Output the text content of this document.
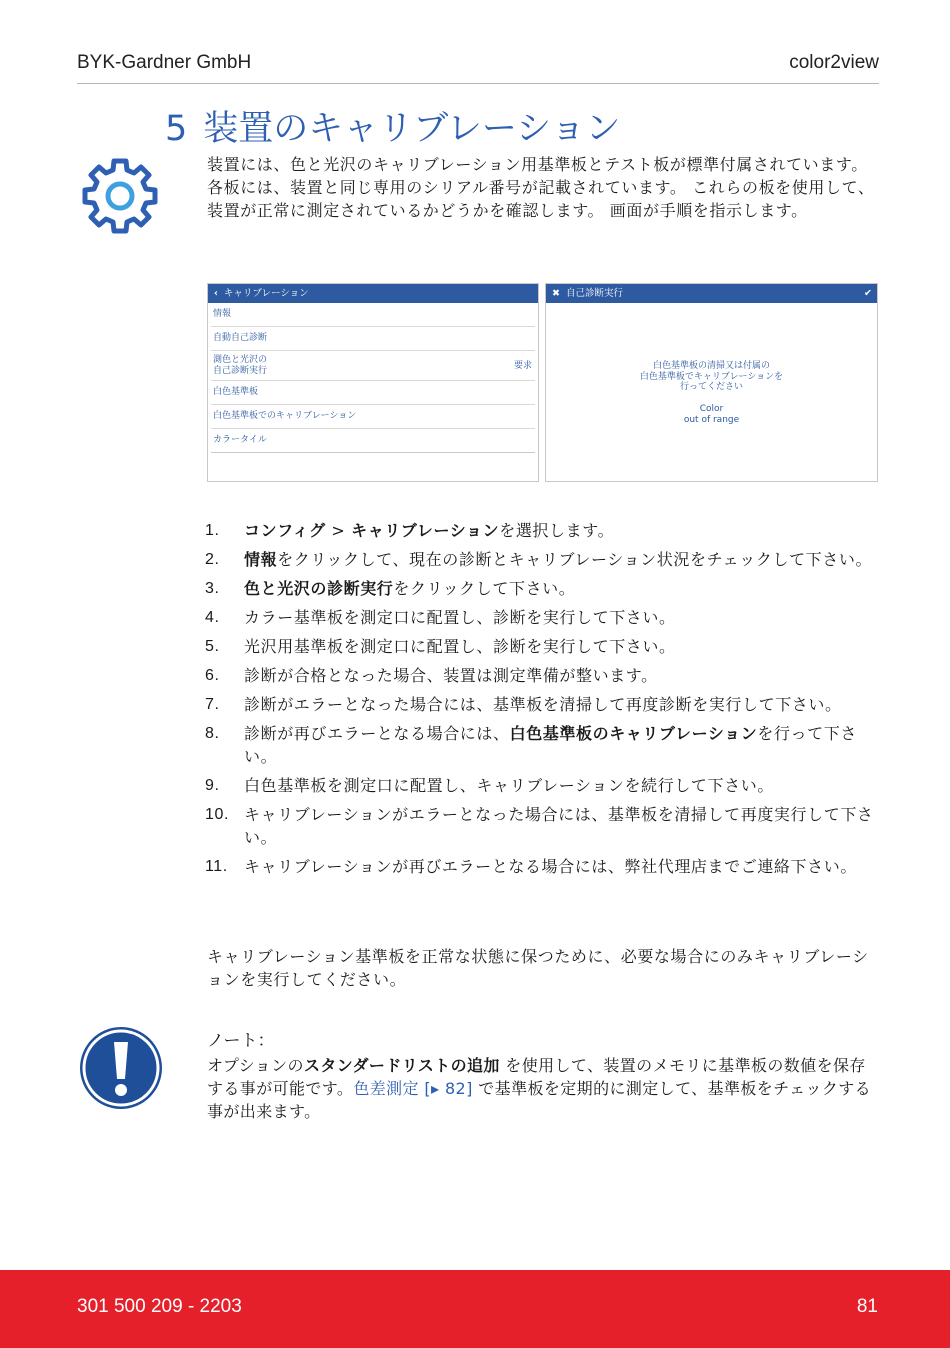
BYK-Gardner GmbH	color2view
5 装置のキャリブレーション
装置には、色と光沢のキャリブレーション用基準板とテスト板が標準付属されています。 各板には、装置と同じ専用のシリアル番号が記載されています。 これらの板を使用して、装置が正常に測定されているかどうかを確認します。 画面が手順を指示します。
‹ キャリブレーション
情報
自動自己診断
測色と光沢の
自己診断実行	要求
白色基準板
白色基準板でのキャリブレーション
カラータイル
✖ 自己診断実行	✔
白色基準板の清掃又は付属の
白色基準板でキャリブレーションを
行ってください
Color
out of range
1. コンフィグ > キャリブレーションを選択します。
2. 情報をクリックして、現在の診断とキャリブレーション状況をチェックして下さい。
3. 色と光沢の診断実行をクリックして下さい。
4. カラー基準板を測定口に配置し、診断を実行して下さい。
5. 光沢用基準板を測定口に配置し、診断を実行して下さい。
6. 診断が合格となった場合、装置は測定準備が整います。
7. 診断がエラーとなった場合には、基準板を清掃して再度診断を実行して下さい。
8. 診断が再びエラーとなる場合には、白色基準板のキャリブレーションを行って下さい。
9. 白色基準板を測定口に配置し、キャリブレーションを続行して下さい。
10. キャリブレーションがエラーとなった場合には、基準板を清掃して再度実行して下さい。
11. キャリブレーションが再びエラーとなる場合には、弊社代理店までご連絡下さい。
キャリブレーション基準板を正常な状態に保つために、必要な場合にのみキャリブレーションを実行してください。
ノート：
オプションのスタンダードリストの追加 を使用して、装置のメモリに基準板の数値を保存する事が可能です。色差測定 [▸ 82] で基準板を定期的に測定して、基準板をチェックする事が出来ます。
301 500 209 - 2203	81
